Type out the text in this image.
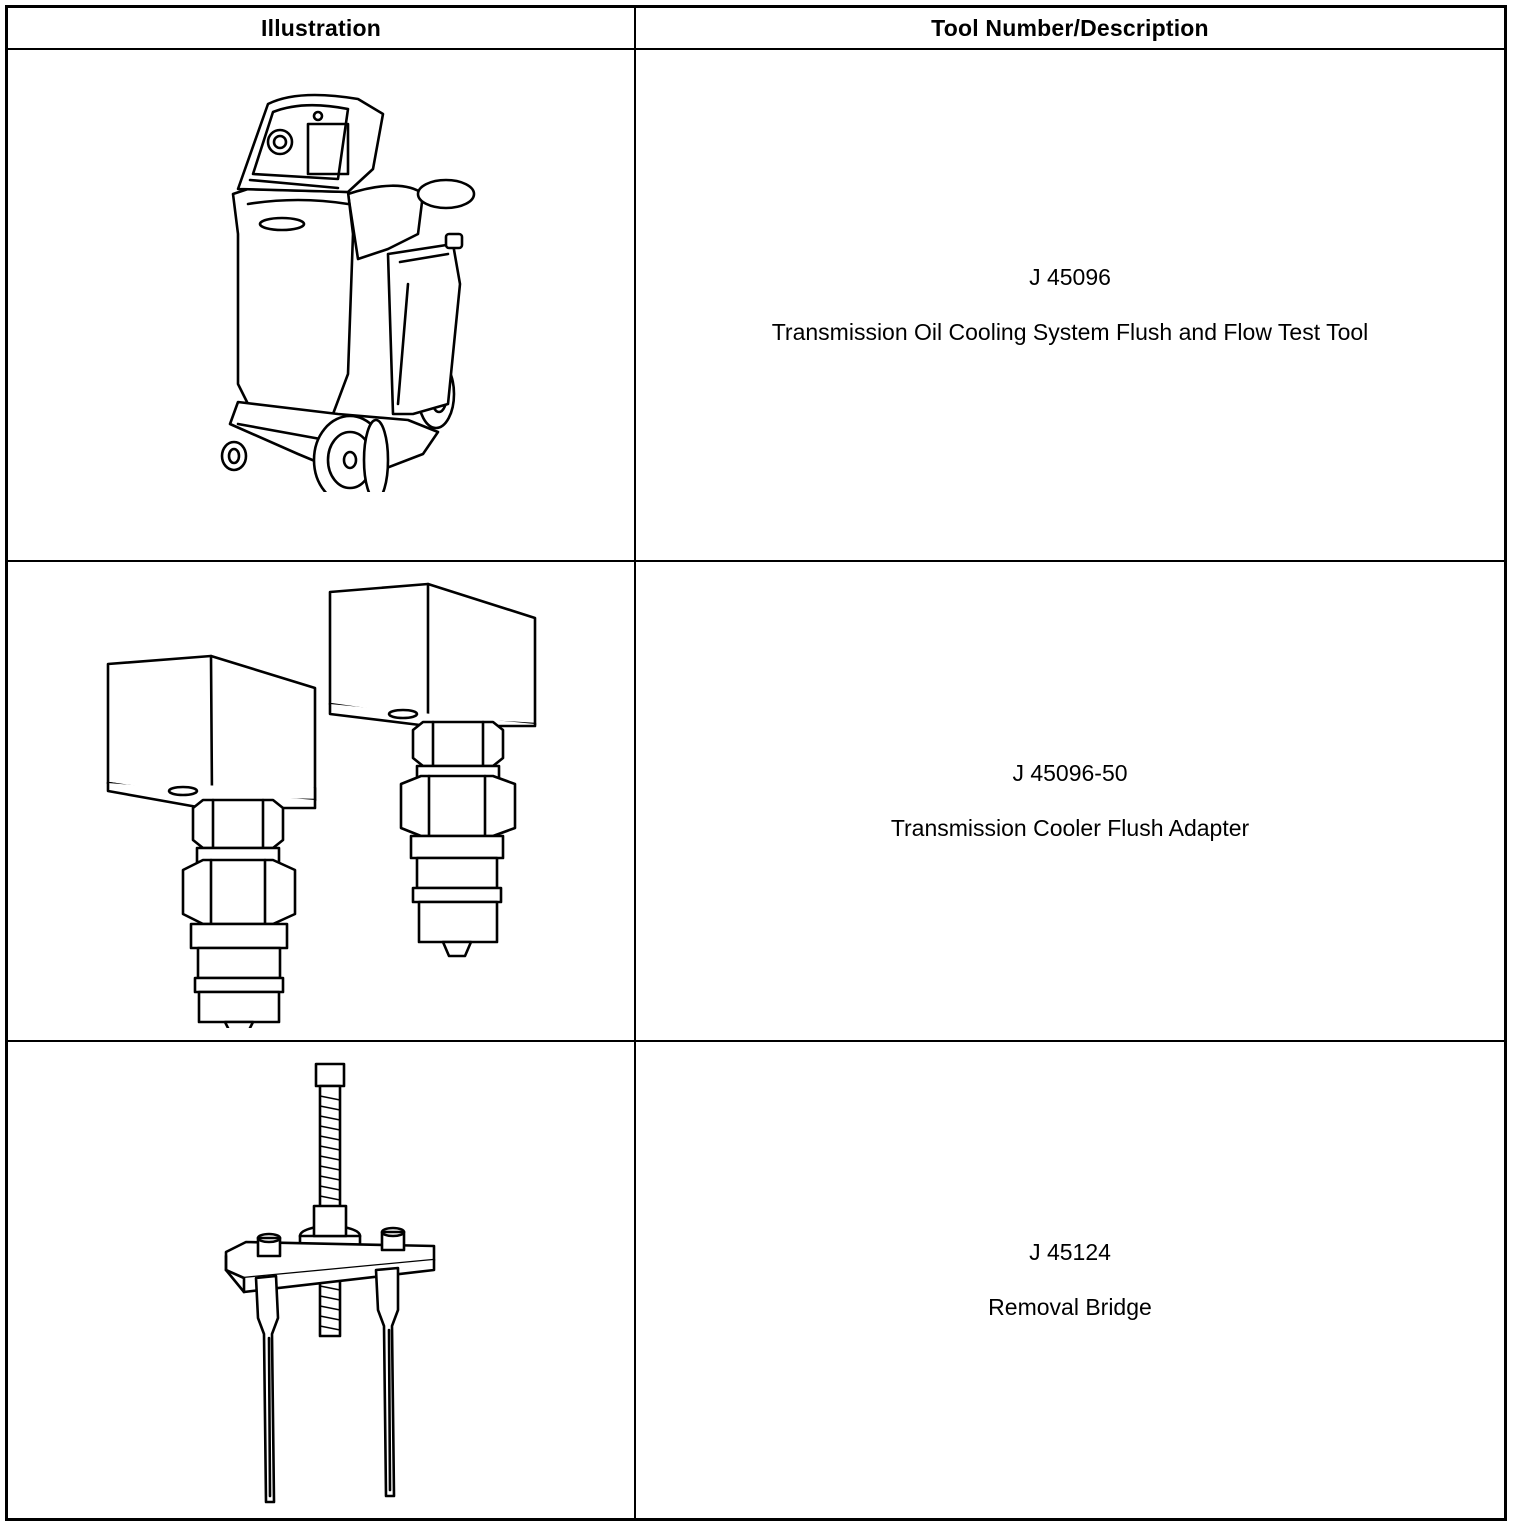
Illustration	Tool Number/Description
J 45096
Transmission Oil Cooling System Flush and Flow Test Tool
J 45096-50
Transmission Cooler Flush Adapter
J 45124
Removal Bridge
